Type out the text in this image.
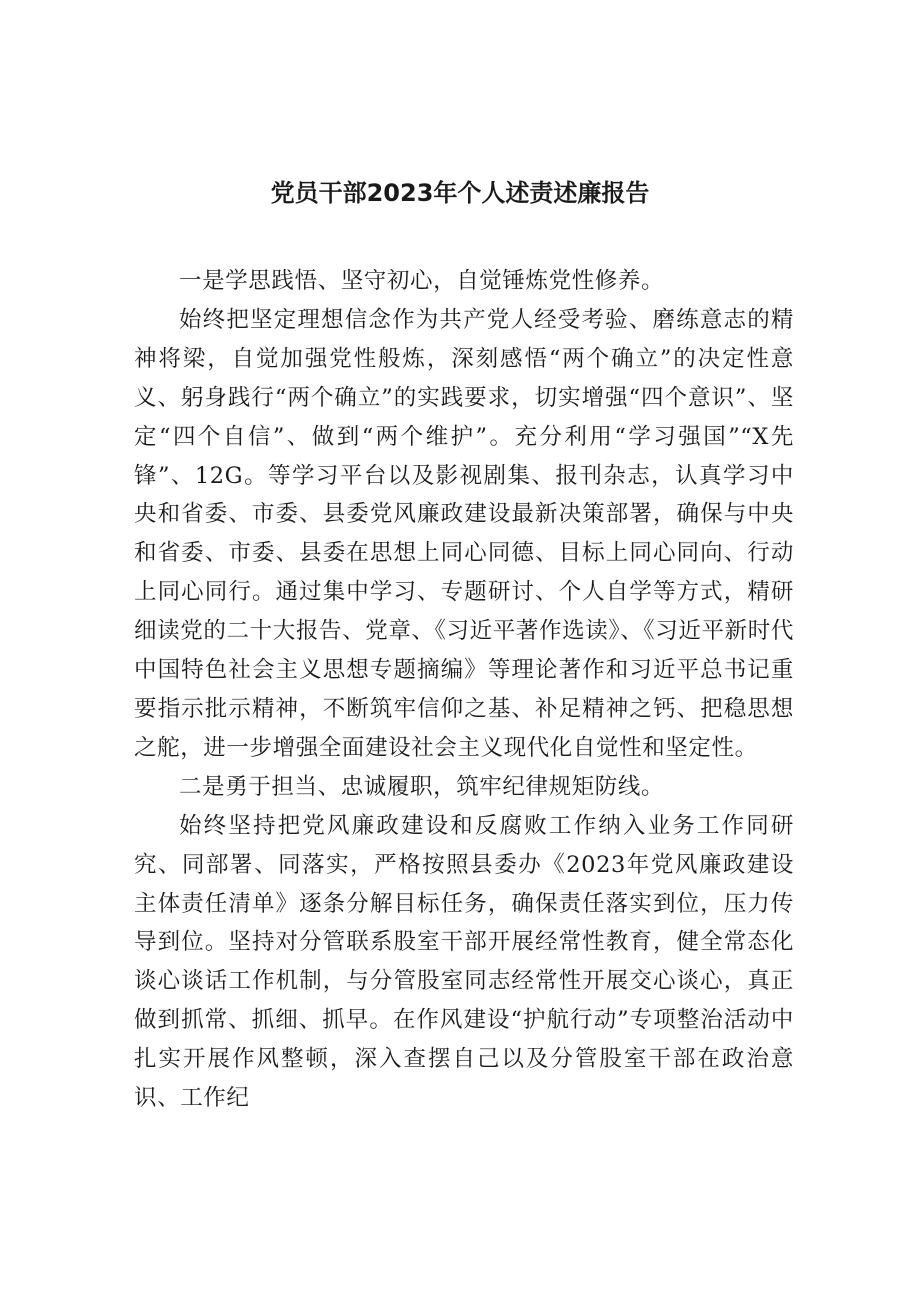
党员干部2023年个人述责述廉报告

一是学思践悟、坚守初心，自觉锤炼党性修养。

始终把坚定理想信念作为共产党人经受考验、磨练意志的精神将梁，自觉加强党性般炼，深刻感悟“两个确立”的决定性意义、躬身践行“两个确立”的实践要求，切实增强“四个意识”、坚定“四个自信”、做到“两个维护”。充分利用“学习强国”“X先锋”、12G。等学习平台以及影视剧集、报刊杂志，认真学习中央和省委、市委、县委党风廉政建设最新决策部署，确保与中央和省委、市委、县委在思想上同心同德、目标上同心同向、行动上同心同行。通过集中学习、专题研讨、个人自学等方式，精研细读党的二十大报告、党章、《习近平著作选读》、《习近平新时代中国特色社会主义思想专题摘编》等理论著作和习近平总书记重要指示批示精神，不断筑牢信仰之基、补足精神之钙、把稳思想之舵，进一步增强全面建设社会主义现代化自觉性和坚定性。

二是勇于担当、忠诚履职，筑牢纪律规矩防线。

始终坚持把党风廉政建设和反腐败工作纳入业务工作同研究、同部署、同落实，严格按照县委办《2023年党风廉政建设主体责任清单》逐条分解目标任务，确保责任落实到位，压力传导到位。坚持对分管联系股室干部开展经常性教育，健全常态化谈心谈话工作机制，与分管股室同志经常性开展交心谈心，真正做到抓常、抓细、抓早。在作风建设“护航行动”专项整治活动中扎实开展作风整顿，深入查摆自己以及分管股室干部在政治意识、工作纪
